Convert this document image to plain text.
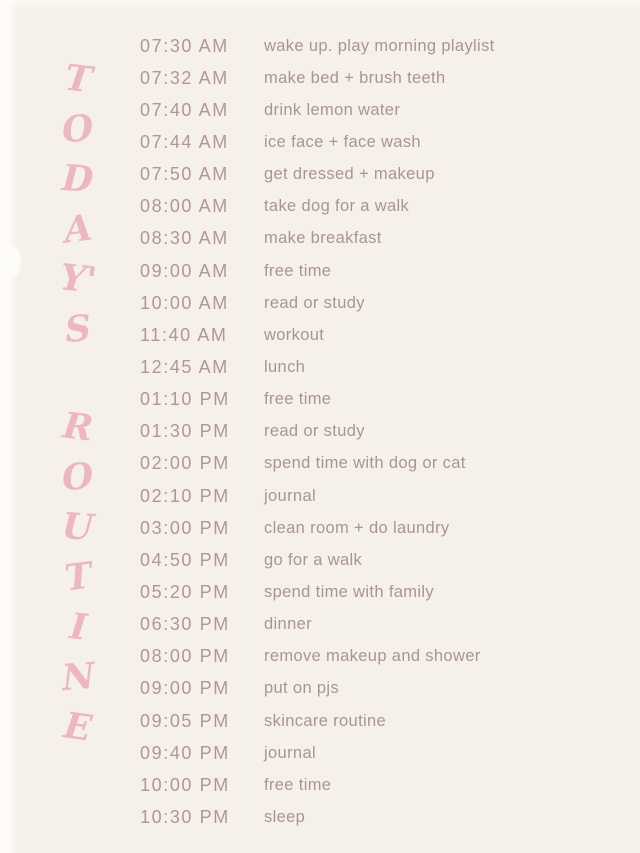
T
O
D
A
Y'
S
R
O
U
T
I
N
E
07:30 AM	wake up. play morning playlist
07:32 AM	make bed + brush teeth
07:40 AM	drink lemon water
07:44 AM	ice face + face wash
07:50 AM	get dressed + makeup
08:00 AM	take dog for a walk
08:30 AM	make breakfast
09:00 AM	free time
10:00 AM	read or study
11:40 AM	workout
12:45 AM	lunch
01:10 PM	free time
01:30 PM	read or study
02:00 PM	spend time with dog or cat
02:10 PM	journal
03:00 PM	clean room + do laundry
04:50 PM	go for a walk
05:20 PM	spend time with family
06:30 PM	dinner
08:00 PM	remove makeup and shower
09:00 PM	put on pjs
09:05 PM	skincare routine
09:40 PM	journal
10:00 PM	free time
10:30 PM	sleep
